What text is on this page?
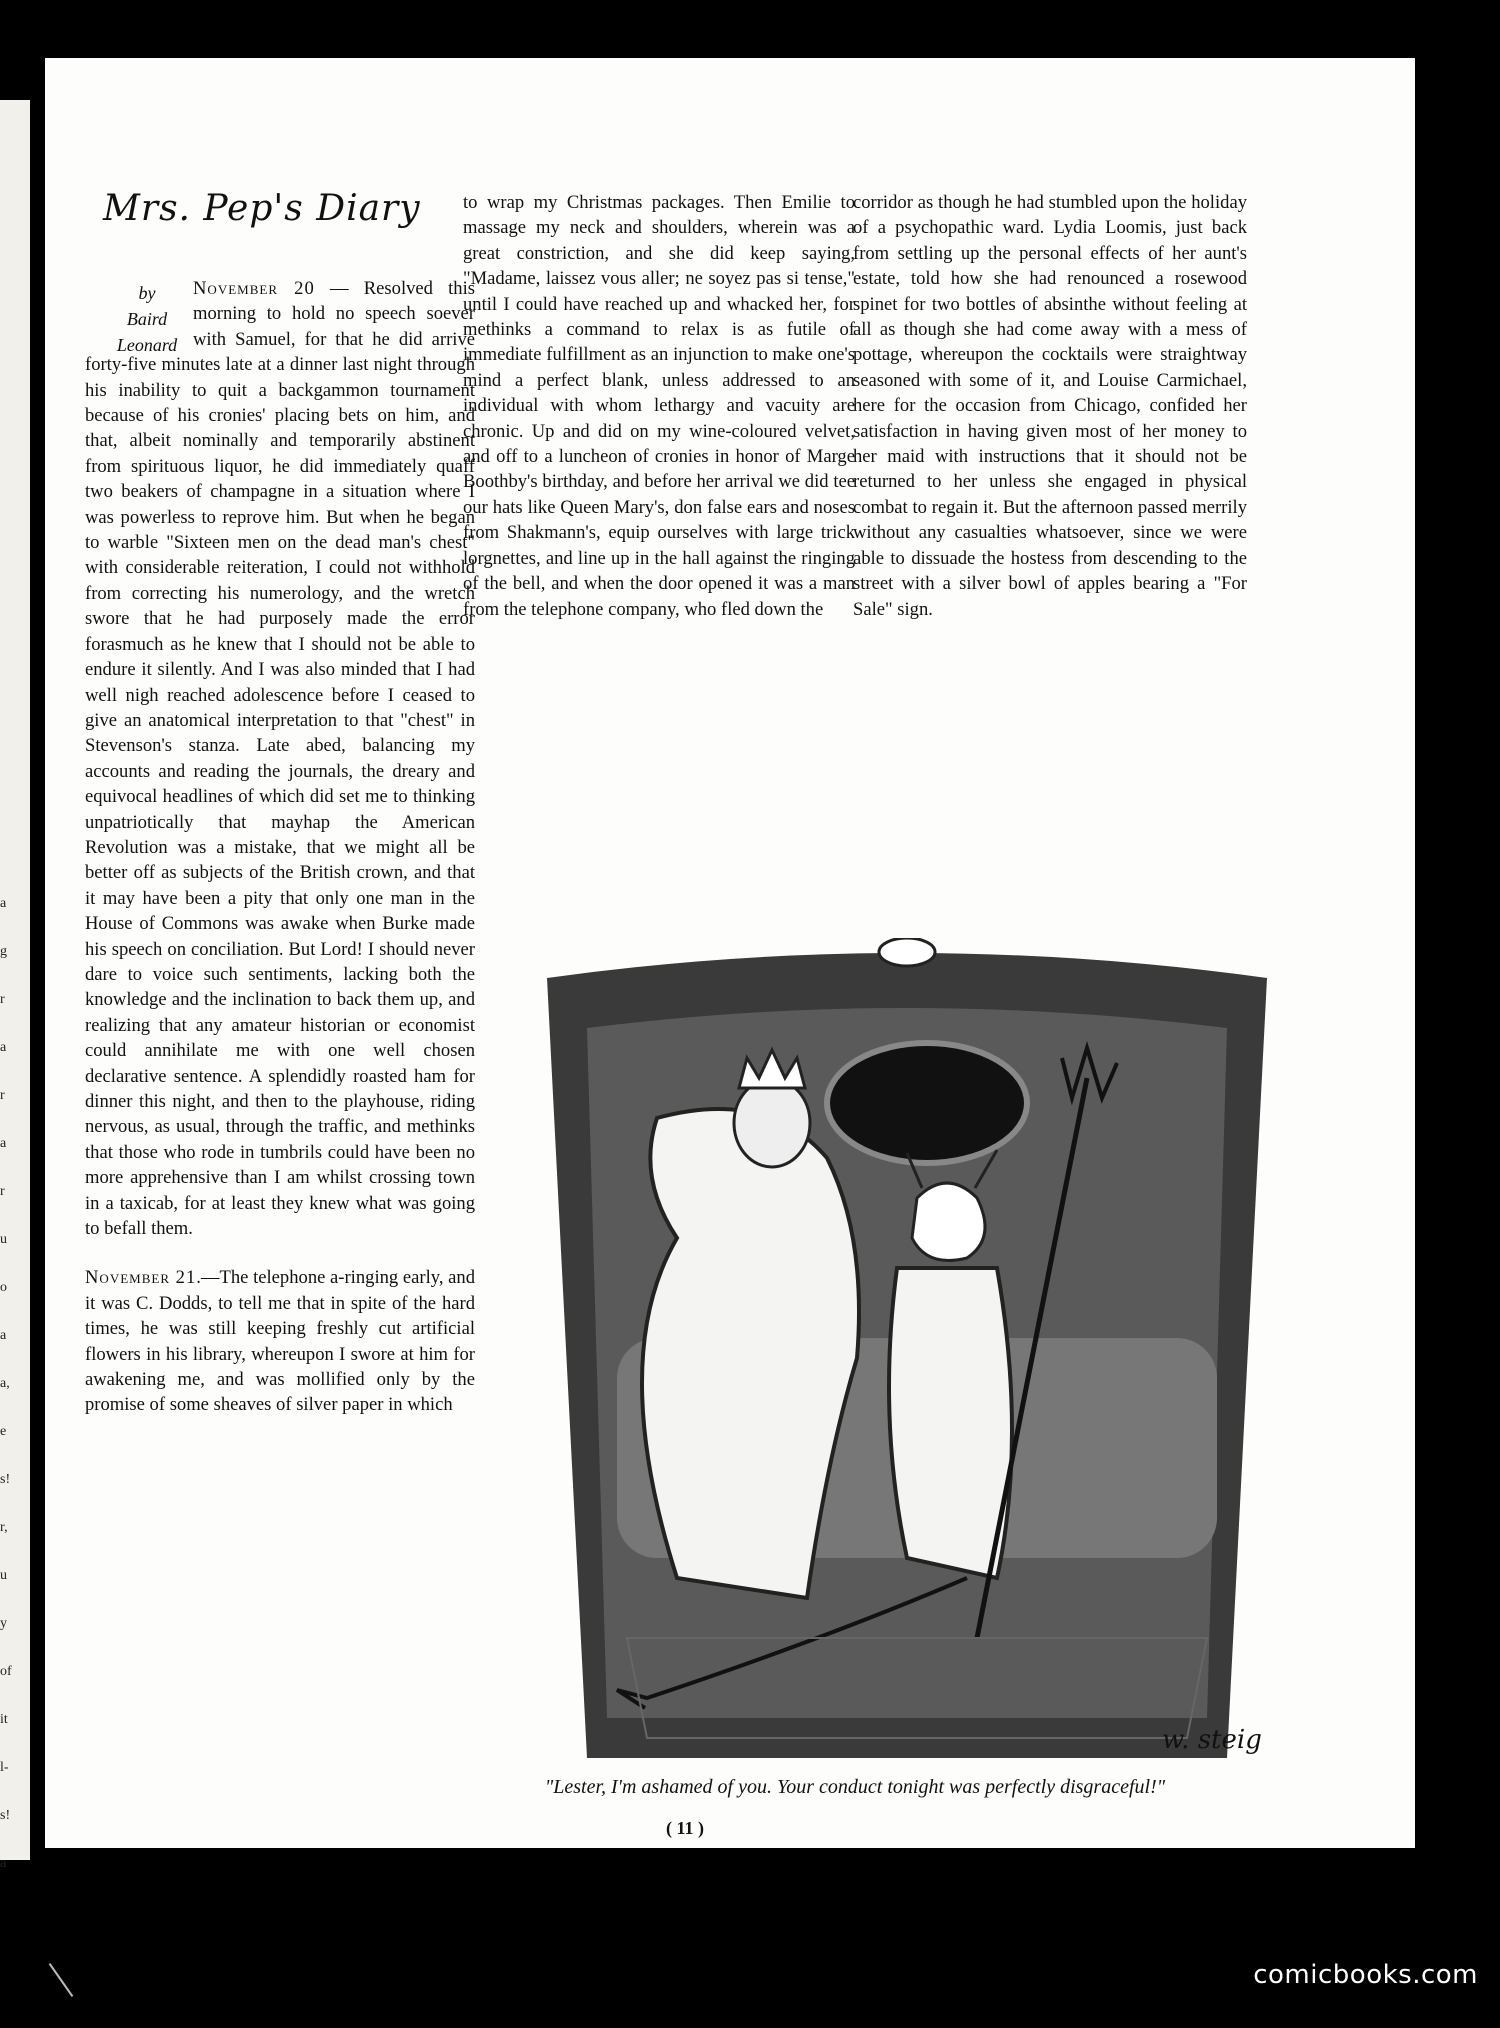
Mrs. Pep's Diary
by
Baird
Leonard

November 20 — Resolved this morning to hold no speech soever with Samuel, for that he did arrive forty-five minutes late at a dinner last night through his inability to quit a backgammon tournament because of his cronies' placing bets on him, and that, albeit nominally and temporarily abstinent from spirituous liquor, he did immediately quaff two beakers of champagne in a situation where I was powerless to reprove him. But when he began to warble "Sixteen men on the dead man's chest" with considerable reiteration, I could not withhold from correcting his numerology, and the wretch swore that he had purposely made the error forasmuch as he knew that I should not be able to endure it silently. And I was also minded that I had well nigh reached adolescence before I ceased to give an anatomical interpretation to that "chest" in Stevenson's stanza. Late abed, balancing my accounts and reading the journals, the dreary and equivocal headlines of which did set me to thinking unpatriotically that mayhap the American Revolution was a mistake, that we might all be better off as subjects of the British crown, and that it may have been a pity that only one man in the House of Commons was awake when Burke made his speech on conciliation. But Lord! I should never dare to voice such sentiments, lacking both the knowledge and the inclination to back them up, and realizing that any amateur historian or economist could annihilate me with one well chosen declarative sentence. A splendidly roasted ham for dinner this night, and then to the playhouse, riding nervous, as usual, through the traffic, and methinks that those who rode in tumbrils could have been no more apprehensive than I am whilst crossing town in a taxicab, for at least they knew what was going to befall them.

November 21.—The telephone a-ringing early, and it was C. Dodds, to tell me that in spite of the hard times, he was still keeping freshly cut artificial flowers in his library, whereupon I swore at him for awakening me, and was mollified only by the promise of some sheaves of silver paper in which

to wrap my Christmas packages. Then Emilie to massage my neck and shoulders, wherein was a great constriction, and she did keep saying, "Madame, laissez vous aller; ne soyez pas si tense," until I could have reached up and whacked her, for methinks a command to relax is as futile of immediate fulfillment as an injunction to make one's mind a perfect blank, unless addressed to an individual with whom lethargy and vacuity are chronic. Up and did on my wine-coloured velvet, and off to a luncheon of cronies in honor of Marge Boothby's birthday, and before her arrival we did tee our hats like Queen Mary's, don false ears and noses from Shakmann's, equip ourselves with large trick lorgnettes, and line up in the hall against the ringing of the bell, and when the door opened it was a man from the telephone company, who fled down the
corridor as though he had stumbled upon the holiday of a psychopathic ward. Lydia Loomis, just back from settling up the personal effects of her aunt's estate, told how she had renounced a rosewood spinet for two bottles of absinthe without feeling at all as though she had come away with a mess of pottage, whereupon the cocktails were straightway seasoned with some of it, and Louise Carmichael, here for the occasion from Chicago, confided her satisfaction in having given most of her money to her maid with instructions that it should not be returned to her unless she engaged in physical combat to regain it. But the afternoon passed merrily without any casualties whatsoever, since we were able to dissuade the hostess from descending to the street with a silver bowl of apples bearing a "For Sale" sign.
w. steig
"Lester, I'm ashamed of you. Your conduct tonight was perfectly disgraceful!"
( 11 )
comicbooks.com
a
g
r
a
r
a
r
u
o
a
a,
e
s!
r,
u
y
of
it
l-
s!
a
